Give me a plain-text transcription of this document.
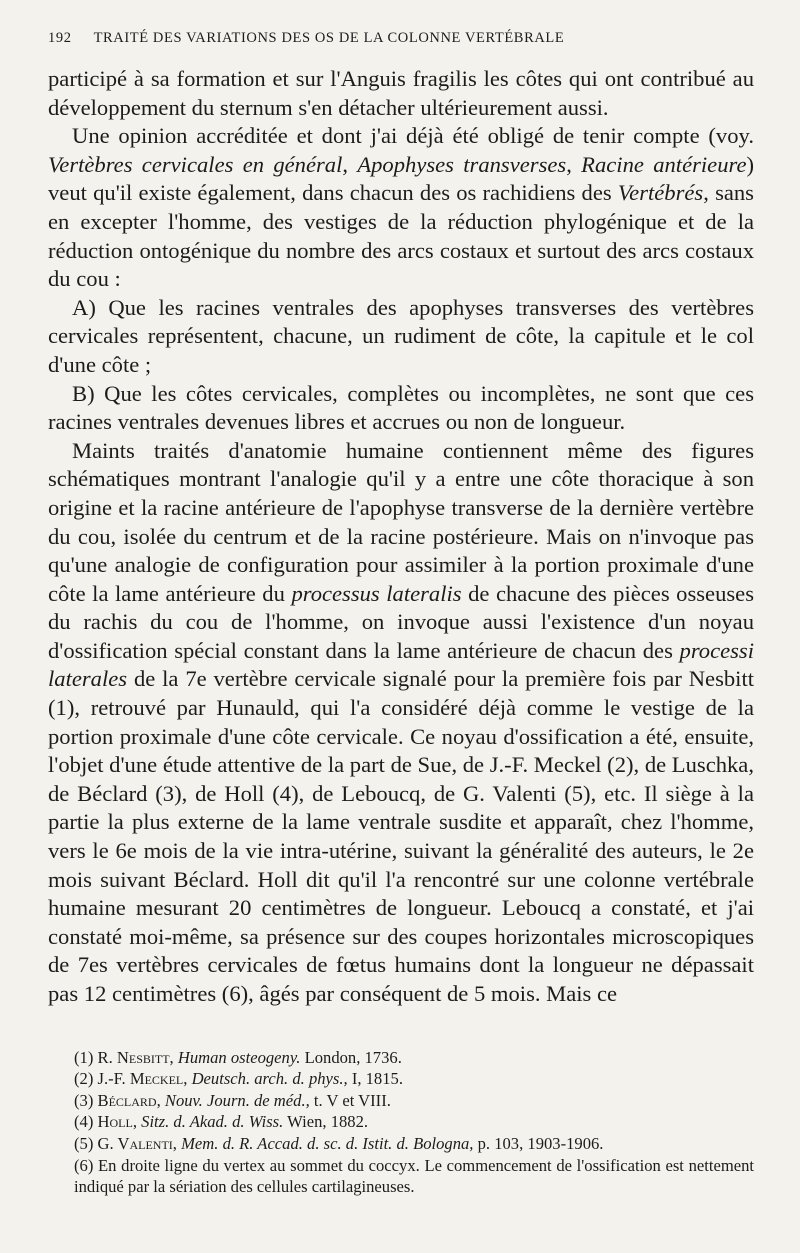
192 TRAITÉ DES VARIATIONS DES OS DE LA COLONNE VERTÉBRALE

participé à sa formation et sur l'Anguis fragilis les côtes qui ont contribué au développement du sternum s'en détacher ultérieurement aussi.

Une opinion accréditée et dont j'ai déjà été obligé de tenir compte (voy. Vertèbres cervicales en général, Apophyses transverses, Racine antérieure) veut qu'il existe également, dans chacun des os rachidiens des Vertébrés, sans en excepter l'homme, des vestiges de la réduction phylogénique et de la réduction ontogénique du nombre des arcs costaux et surtout des arcs costaux du cou :

A) Que les racines ventrales des apophyses transverses des vertèbres cervicales représentent, chacune, un rudiment de côte, la capitule et le col d'une côte ;

B) Que les côtes cervicales, complètes ou incomplètes, ne sont que ces racines ventrales devenues libres et accrues ou non de longueur.

Maints traités d'anatomie humaine contiennent même des figures schématiques montrant l'analogie qu'il y a entre une côte thoracique à son origine et la racine antérieure de l'apophyse transverse de la dernière vertèbre du cou, isolée du centrum et de la racine postérieure. Mais on n'invoque pas qu'une analogie de configuration pour assimiler à la portion proximale d'une côte la lame antérieure du processus lateralis de chacune des pièces osseuses du rachis du cou de l'homme, on invoque aussi l'existence d'un noyau d'ossification spécial constant dans la lame antérieure de chacun des processi laterales de la 7e vertèbre cervicale signalé pour la première fois par Nesbitt (1), retrouvé par Hunauld, qui l'a considéré déjà comme le vestige de la portion proximale d'une côte cervicale. Ce noyau d'ossification a été, ensuite, l'objet d'une étude attentive de la part de Sue, de J.-F. Meckel (2), de Luschka, de Béclard (3), de Holl (4), de Leboucq, de G. Valenti (5), etc. Il siège à la partie la plus externe de la lame ventrale susdite et apparaît, chez l'homme, vers le 6e mois de la vie intra-utérine, suivant la généralité des auteurs, le 2e mois suivant Béclard. Holl dit qu'il l'a rencontré sur une colonne vertébrale humaine mesurant 20 centimètres de longueur. Leboucq a constaté, et j'ai constaté moi-même, sa présence sur des coupes horizontales microscopiques de 7es vertèbres cervicales de fœtus humains dont la longueur ne dépassait pas 12 centimètres (6), âgés par conséquent de 5 mois. Mais ce

(1) R. Nesbitt, Human osteogeny. London, 1736.

(2) J.-F. Meckel, Deutsch. arch. d. phys., I, 1815.

(3) Béclard, Nouv. Journ. de méd., t. V et VIII.

(4) Holl, Sitz. d. Akad. d. Wiss. Wien, 1882.

(5) G. Valenti, Mem. d. R. Accad. d. sc. d. Istit. d. Bologna, p. 103, 1903-1906.

(6) En droite ligne du vertex au sommet du coccyx. Le commencement de l'ossification est nettement indiqué par la sériation des cellules cartilagineuses.
